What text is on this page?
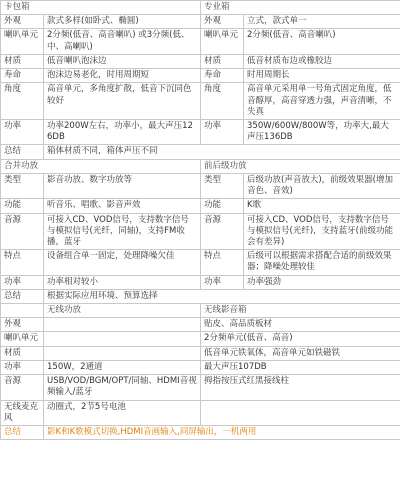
卡包箱		专业箱	
外观	款式多样(如卧式、椭圆)	外观	立式，款式单一
喇叭单元	2分频(低音、高音喇叭) 或3分频(低、中、高喇叭)	喇叭单元	2分频(低音、高音喇叭)
材质	低音喇叭泡沫边	材质	低音材质布边或橡胶边
寿命	泡沫边易老化，时用周期短	寿命	时用周期长
角度	高音单元，多角度扩散，低音下沉同色较好	角度	高音单元采用单一号角式固定角度，低音醇厚，高音穿透力强，声音清晰，不失真
功率	功率200W左右，功率小，最大声压126DB	功率	350W/600W/800W等，功率大,最大声压136DB
总结	箱体材质不同，箱体声压不同		
合并功放		前后级功放	
类型	影音功放、数字功放等	类型	后级功放(声音放大)，前级效果器(增加音色、音效)
功能	听音乐、唱歌、影音声效	功能	K歌
音源	可接入CD、VOD信号，支持数字信号与模拟信号(光纤，同轴)，支持FM收播，蓝牙	音源	可接入CD、VOD信号，支持数字信号与模拟信号(光纤)，支持蓝牙(前级功能会有差异)
特点	设备组合单一固定，处理降噪欠佳	特点	后级可以根据需求搭配合适的前级效果器；降噪处理较佳
功率	功率相对较小	功率	功率强劲
总结	根据实际应用环境、预算选择		
	无线功放	无线影音箱	
外观		贴皮、高品质板材	
喇叭单元		2分频单元(低音、高音)	
材质		低音单元铁氧体，高音单元如铁磁铁	
功率	150W，2通道	最大声压107DB	
音源	USB/VOD/BGM/OPT/同轴、HDMI音视频输入/蓝牙	拇指按压式红黑接线柱	
无线麦克风	动圈式，2节5号电池		
总结	影K和K歌模式切换,HDMI音画输入,同屏输出，一机两用		
